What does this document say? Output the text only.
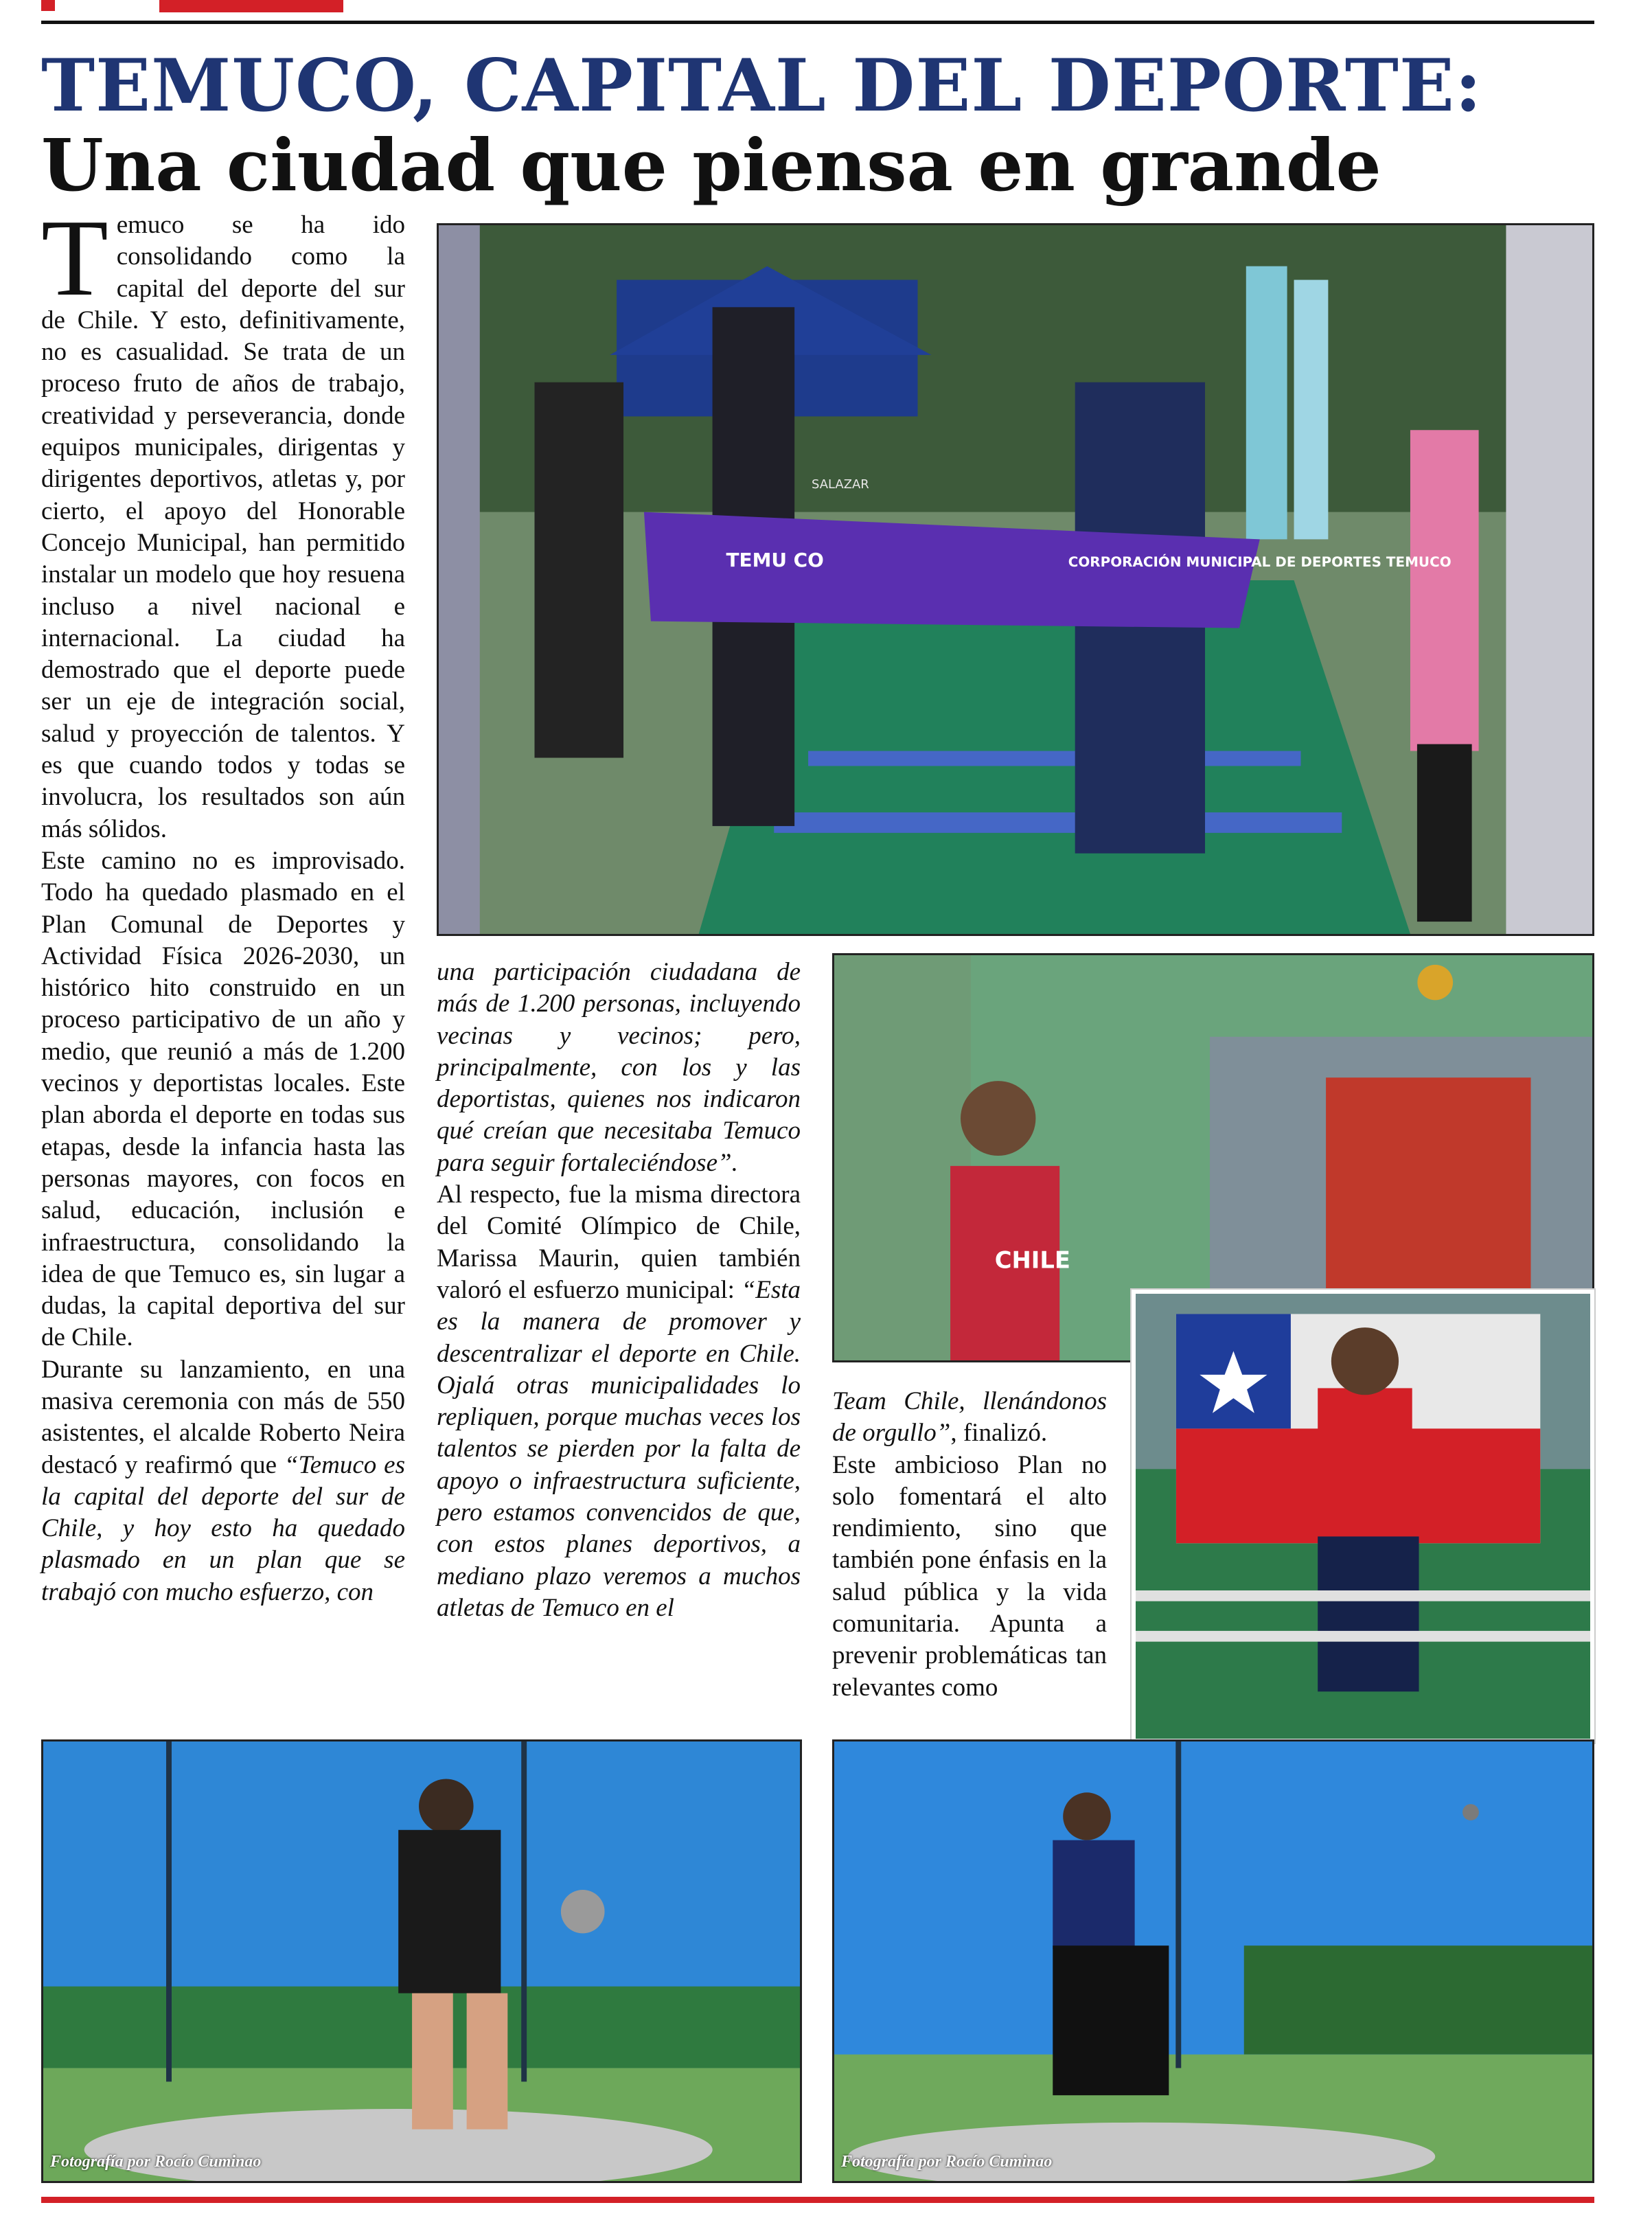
TEMUCO, CAPITAL DEL DEPORTE:
Una ciudad que piensa en grande

Temuco se ha ido consolidando como la capital del deporte del sur de Chile. Y esto, definitivamente, no es casualidad. Se trata de un proceso fruto de años de trabajo, creatividad y perseverancia, donde equipos municipales, dirigentas y dirigentes deportivos, atletas y, por cierto, el apoyo del Honorable Concejo Municipal, han permitido instalar un modelo que hoy resuena incluso a nivel nacional e internacional. La ciudad ha demostrado que el deporte puede ser un eje de integración social, salud y proyección de talentos. Y es que cuando todos y todas se involucra, los resultados son aún más sólidos.

Este camino no es improvisado. Todo ha quedado plasmado en el Plan Comunal de Deportes y Actividad Física 2026-2030, un histórico hito construido en un proceso participativo de un año y medio, que reunió a más de 1.200 vecinos y deportistas locales. Este plan aborda el deporte en todas sus etapas, desde la infancia hasta las personas mayores, con focos en salud, educación, inclusión e infraestructura, consolidando la idea de que Temuco es, sin lugar a dudas, la capital deportiva del sur de Chile.

Durante su lanzamiento, en una masiva ceremonia con más de 550 asistentes, el alcalde Roberto Neira destacó y reafirmó que “Temuco es la capital del deporte del sur de Chile, y hoy esto ha quedado plasmado en un plan que se trabajó con mucho esfuerzo, con

una participación ciudadana de más de 1.200 personas, incluyendo vecinas y vecinos; pero, principalmente, con los y las deportistas, quienes nos indicaron qué creían que necesitaba Temuco para seguir fortaleciéndose”.

Al respecto, fue la misma directora del Comité Olímpico de Chile, Marissa Maurin, quien también valoró el esfuerzo municipal: “Esta es la manera de promover y descentralizar el deporte en Chile. Ojalá otras municipalidades lo repliquen, porque muchas veces los talentos se pierden por la falta de apoyo o infraestructura suficiente, pero estamos convencidos de que, con estos planes deportivos, a mediano plazo veremos a muchos atletas de Temuco en el

Team Chile, llenándonos de orgullo”, finalizó.

Este ambicioso Plan no solo fomentará el alto rendimiento, sino que también pone énfasis en la salud pública y la vida comunitaria. Apunta a prevenir problemáticas tan relevantes como

TEMU CO	CORPORACIÓN MUNICIPAL DE DEPORTES TEMUCO
SALAZAR
CHILE
Fotografía por Rocío Cuminao	Fotografía por Rocío Cuminao
